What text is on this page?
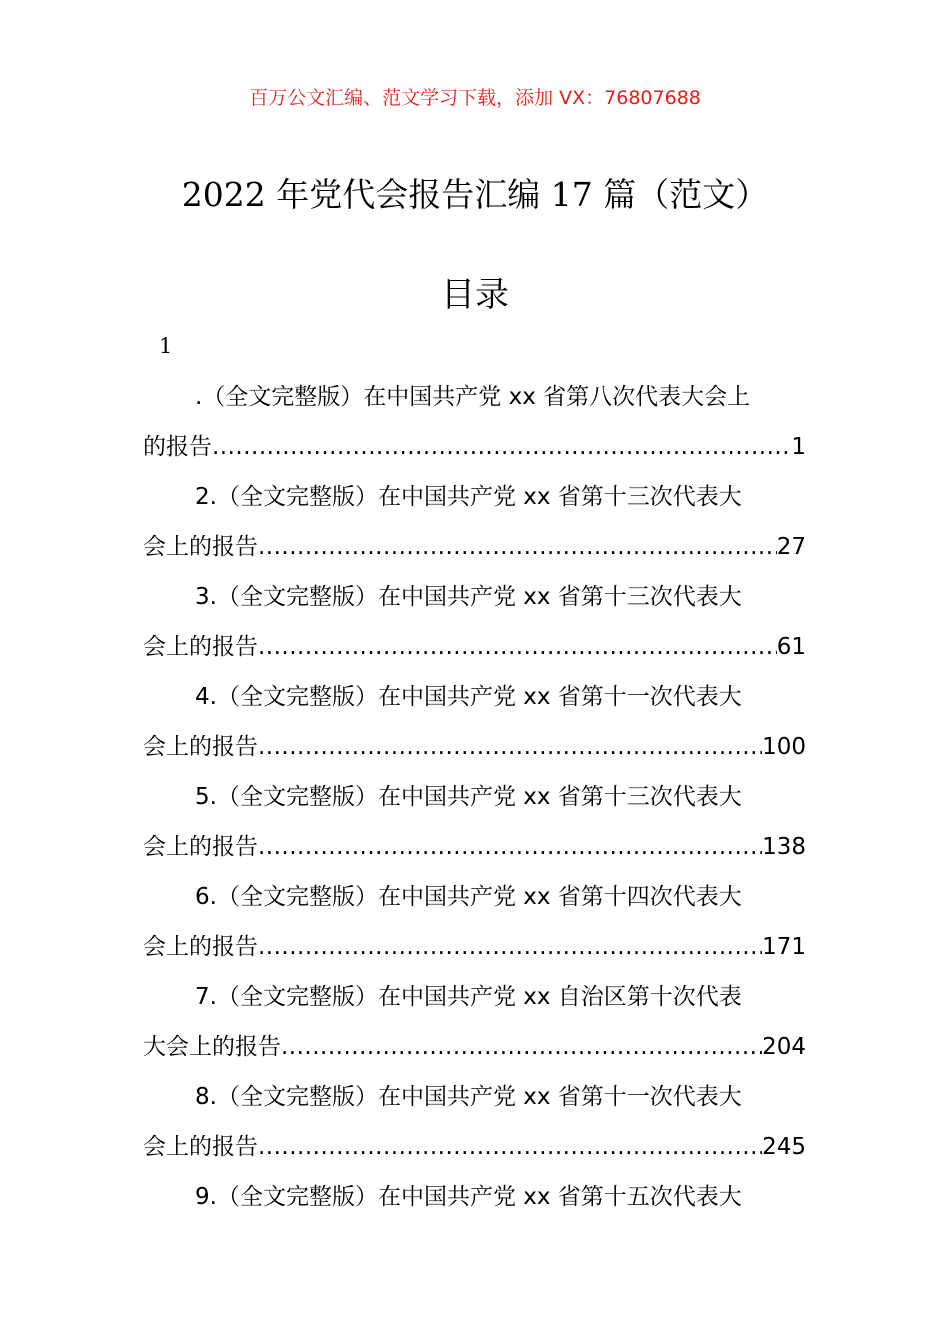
百万公文汇编、范文学习下载，添加 VX：76807688
2022 年党代会报告汇编 17 篇（范文）
目录
1
.（全文完整版）在中国共产党 xx 省第八次代表大会上
的报告 .....	1
2.（全文完整版）在中国共产党 xx 省第十三次代表大
会上的报告 .....	27
3.（全文完整版）在中国共产党 xx 省第十三次代表大
会上的报告 .....	61
4.（全文完整版）在中国共产党 xx 省第十一次代表大
会上的报告 .....	100
5.（全文完整版）在中国共产党 xx 省第十三次代表大
会上的报告 .....	138
6.（全文完整版）在中国共产党 xx 省第十四次代表大
会上的报告 .....	171
7.（全文完整版）在中国共产党 xx 自治区第十次代表
大会上的报告 .....	204
8.（全文完整版）在中国共产党 xx 省第十一次代表大
会上的报告 .....	245
9.（全文完整版）在中国共产党 xx 省第十五次代表大
